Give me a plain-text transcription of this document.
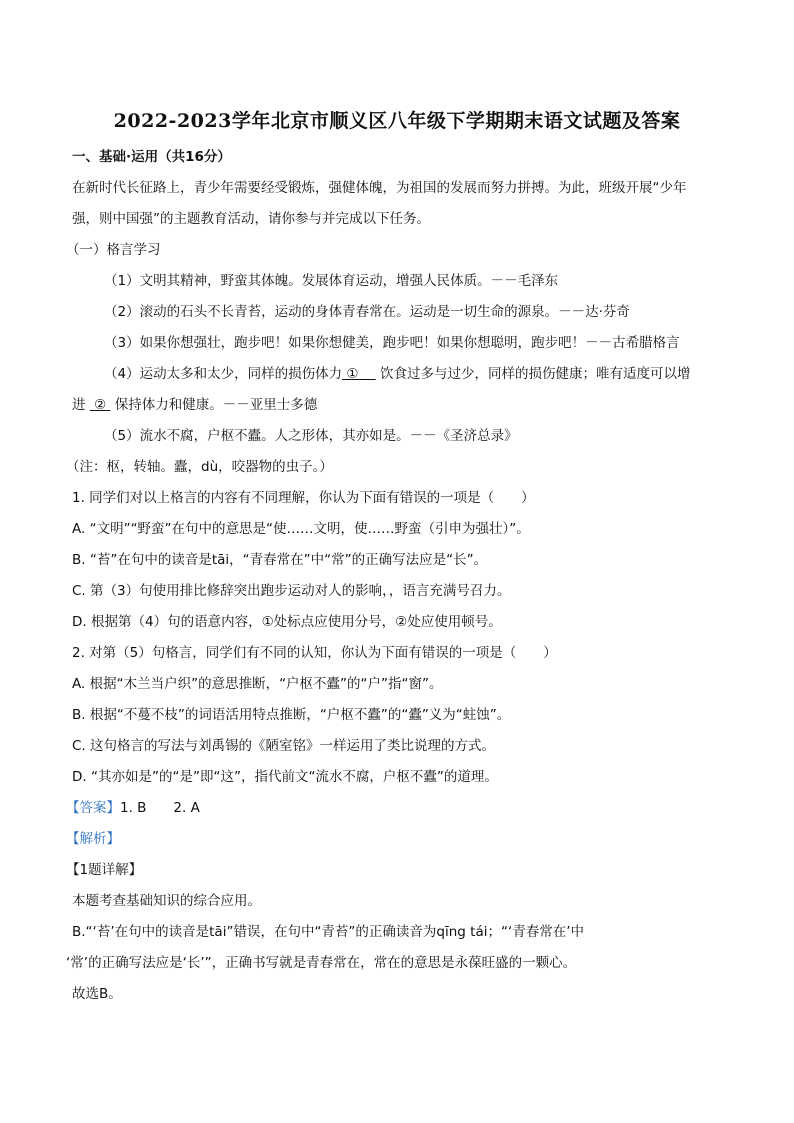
2022-2023学年北京市顺义区八年级下学期期末语文试题及答案
一、基础·运用（共16分）
在新时代长征路上，青少年需要经受锻炼，强健体魄，为祖国的发展而努力拼搏。为此，班级开展“少年
强，则中国强”的主题教育活动，请你参与并完成以下任务。
（一）格言学习
（1）文明其精神，野蛮其体魄。发展体育运动，增强人民体质。－－毛泽东
（2）滚动的石头不长青苔，运动的身体青春常在。运动是一切生命的源泉。－－达·芬奇
（3）如果你想强壮，跑步吧！如果你想健美，跑步吧！如果你想聪明，跑步吧！－－古希腊格言
（4）运动太多和太少，同样的损伤体力 ① 饮食过多与过少，同样的损伤健康；唯有适度可以增
进 ② 保持体力和健康。－－亚里士多德
（5）流水不腐，户枢不蠹。人之形体，其亦如是。－－《圣济总录》
（注：枢，转轴。蠹，dù，咬器物的虫子。）
1. 同学们对以上格言的内容有不同理解，你认为下面有错误的一项是（　　）
A. “文明”“野蛮”在句中的意思是“使……文明，使……野蛮（引申为强壮）”。
B. “苔”在句中的读音是tāi，“青春常在”中“常”的正确写法应是“长”。
C. 第（3）句使用排比修辞突出跑步运动对人的影响，，语言充满号召力。
D. 根据第（4）句的语意内容，①处标点应使用分号，②处应使用顿号。
2. 对第（5）句格言，同学们有不同的认知，你认为下面有错误的一项是（　　）
A. 根据“木兰当户织”的意思推断，“户枢不蠹”的“户”指“窗”。
B. 根据“不蔓不枝”的词语活用特点推断，“户枢不蠹”的“蠹”义为“蛀蚀”。
C. 这句格言的写法与刘禹锡的《陋室铭》一样运用了类比说理的方式。
D. “其亦如是”的“是”即“这”，指代前文“流水不腐，户枢不蠹”的道理。
【答案】1. B　　2. A
【解析】
【1题详解】
本题考查基础知识的综合应用。
B.“‘苔’在句中的读音是tāi”错误，在句中“青苔”的正确读音为qīng tái；“‘青春常在’中
‘常’的正确写法应是‘长’”，正确书写就是青春常在，常在的意思是永葆旺盛的一颗心。
故选B。
